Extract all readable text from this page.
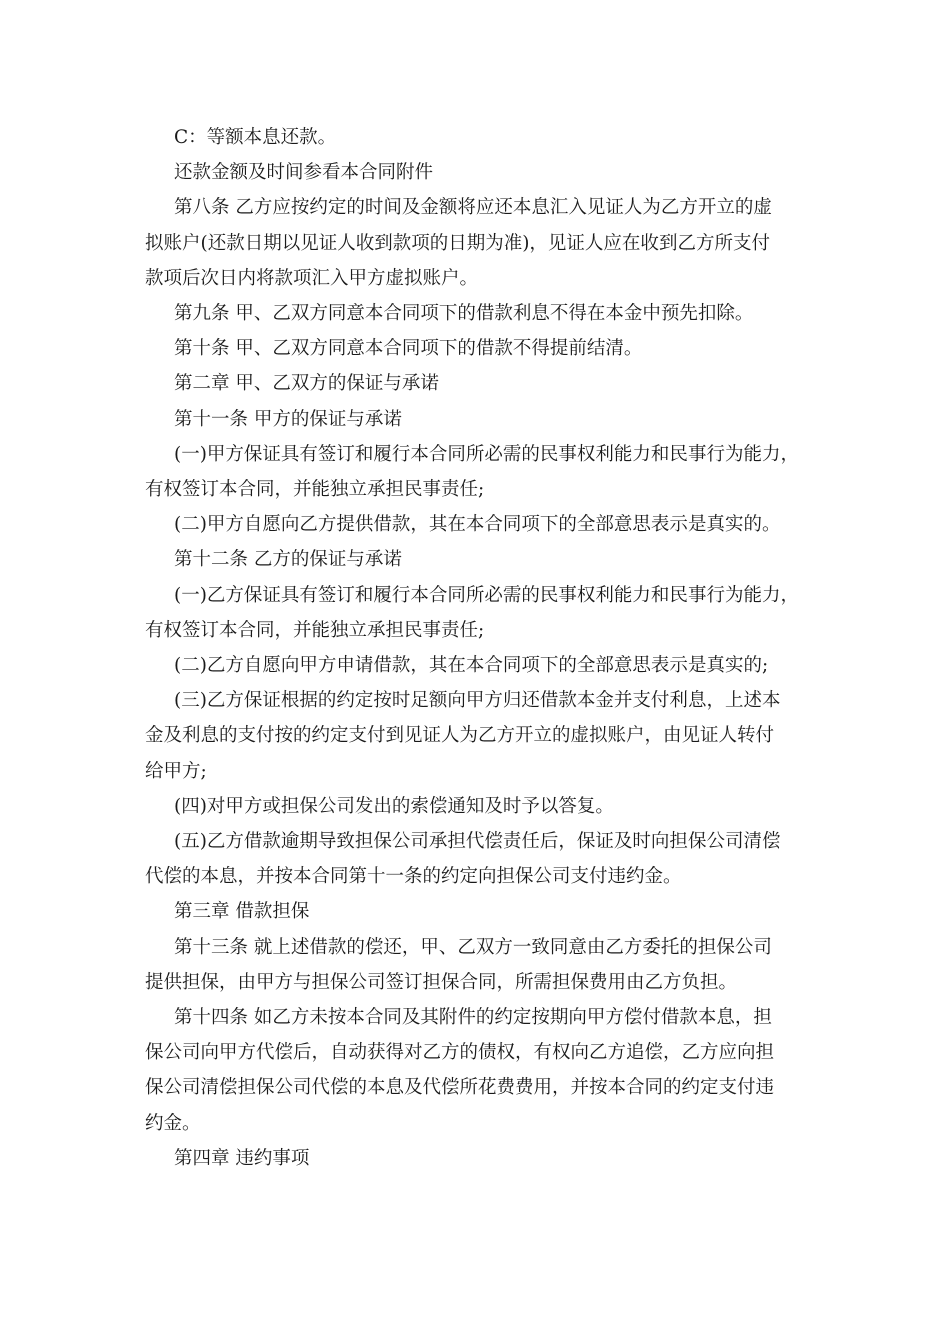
C：等额本息还款。

还款金额及时间参看本合同附件

第八条 乙方应按约定的时间及金额将应还本息汇入见证人为乙方开立的虚
拟账户(还款日期以见证人收到款项的日期为准)，见证人应在收到乙方所支付
款项后次日内将款项汇入甲方虚拟账户。

第九条 甲、乙双方同意本合同项下的借款利息不得在本金中预先扣除。

第十条 甲、乙双方同意本合同项下的借款不得提前结清。

第二章 甲、乙双方的保证与承诺

第十一条 甲方的保证与承诺

(一)甲方保证具有签订和履行本合同所必需的民事权利能力和民事行为能力，
有权签订本合同，并能独立承担民事责任;

(二)甲方自愿向乙方提供借款，其在本合同项下的全部意思表示是真实的。

第十二条 乙方的保证与承诺

(一)乙方保证具有签订和履行本合同所必需的民事权利能力和民事行为能力，
有权签订本合同，并能独立承担民事责任;

(二)乙方自愿向甲方申请借款，其在本合同项下的全部意思表示是真实的;

(三)乙方保证根据的约定按时足额向甲方归还借款本金并支付利息，上述本
金及利息的支付按的约定支付到见证人为乙方开立的虚拟账户，由见证人转付
给甲方;

(四)对甲方或担保公司发出的索偿通知及时予以答复。

(五)乙方借款逾期导致担保公司承担代偿责任后，保证及时向担保公司清偿
代偿的本息，并按本合同第十一条的约定向担保公司支付违约金。

第三章 借款担保

第十三条 就上述借款的偿还，甲、乙双方一致同意由乙方委托的担保公司
提供担保，由甲方与担保公司签订担保合同，所需担保费用由乙方负担。

第十四条 如乙方未按本合同及其附件的约定按期向甲方偿付借款本息，担
保公司向甲方代偿后，自动获得对乙方的债权，有权向乙方追偿，乙方应向担
保公司清偿担保公司代偿的本息及代偿所花费费用，并按本合同的约定支付违
约金。

第四章 违约事项
